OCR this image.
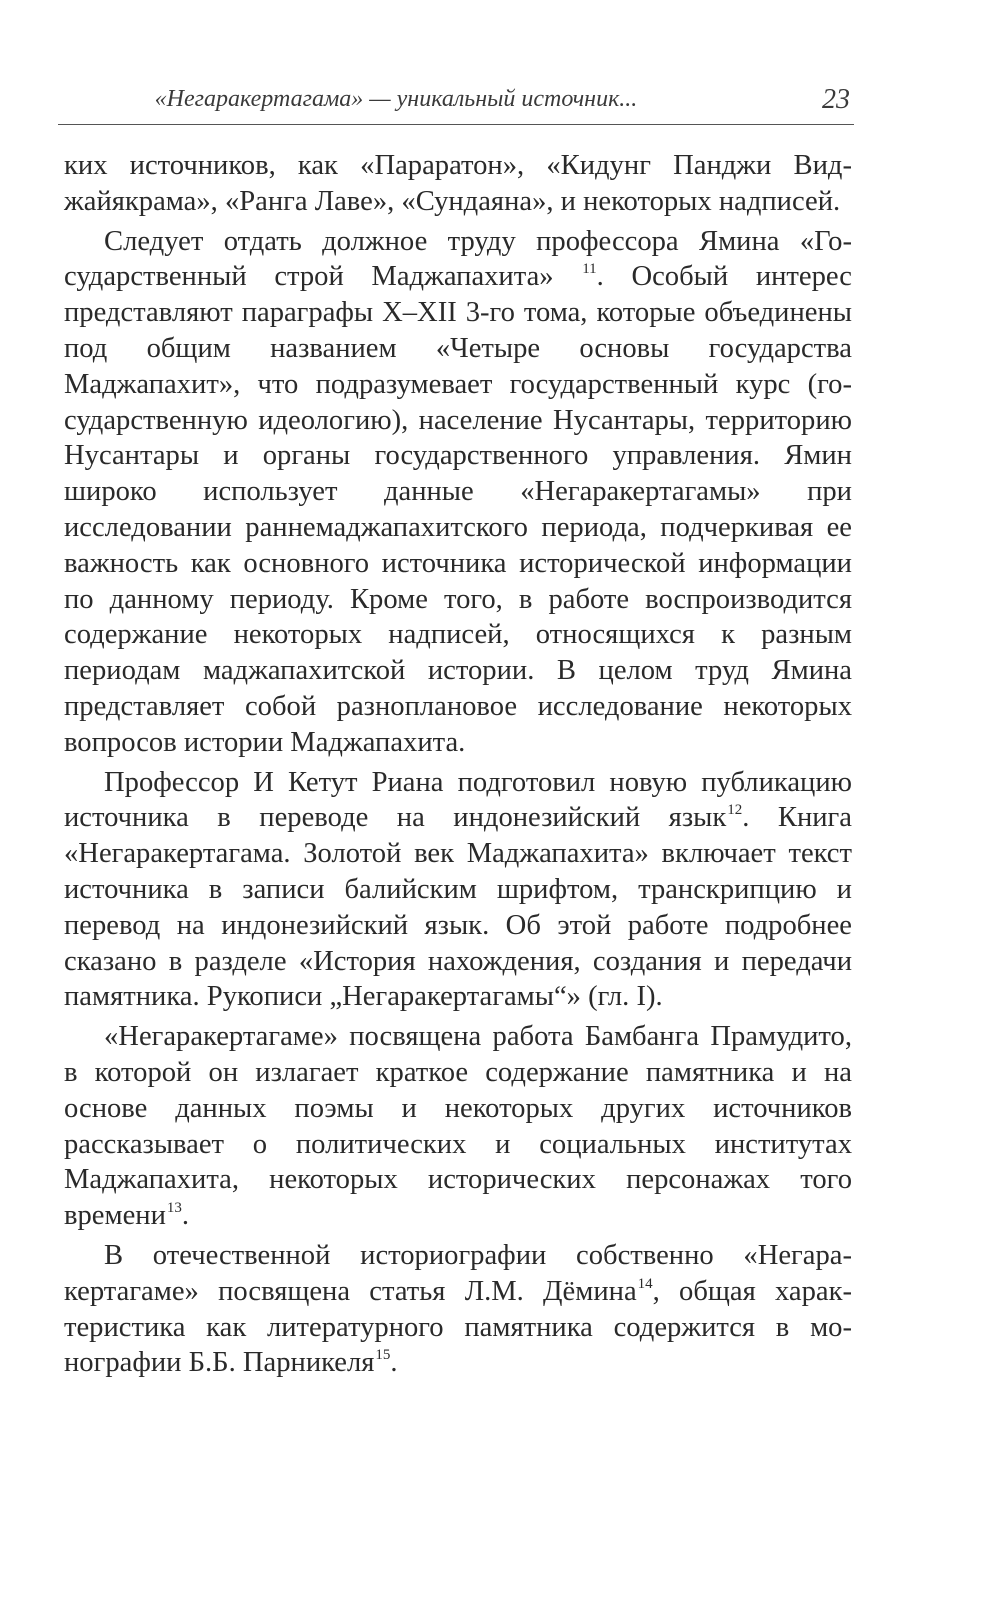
«Негаракертагама» — уникальный источник...	23

ких источников, как «Параратон», «Кидунг Панджи Виджайякрама», «Ранга Лаве», «Сундаяна», и некоторых надписей.

Следует отдать должное труду профессора Ямина «Государственный строй Маджапахита» $^{11}$. Особый интерес представляют параграфы X–XII 3-го тома, которые объединены под общим названием «Четыре основы государства Маджапахит», что подразумевает государственный курс (государственную идеологию), население Нусантары, территорию Нусантары и органы государственного управления. Ямин широко использует данные «Негаракертагамы» при исследовании раннемаджапахитского периода, подчеркивая ее важность как основного источника исторической информации по данному периоду. Кроме того, в работе воспроизводится содержание некоторых надписей, относящихся к разным периодам маджапахитской истории. В целом труд Ямина представляет собой разноплановое исследование некоторых вопросов истории Маджапахита.

Профессор И Кетут Риана подготовил новую публикацию источника в переводе на индонезийский язык$^{12}$. Книга «Негаракертагама. Золотой век Маджапахита» включает текст источника в записи балийским шрифтом, транскрипцию и перевод на индонезийский язык. Об этой работе подробнее сказано в разделе «История нахождения, создания и передачи памятника. Рукописи „Негаракертагамы“» (гл. I).

«Негаракертагаме» посвящена работа Бамбанга Прамудито, в которой он излагает краткое содержание памятника и на основе данных поэмы и некоторых других источников рассказывает о политических и социальных институтах Маджапахита, некоторых исторических персонажах того времени$^{13}$.

В отечественной историографии собственно «Негаракертагаме» посвящена статья Л.М. Дёмина$^{14}$, общая характеристика как литературного памятника содержится в монографии Б.Б. Парникеля$^{15}$.
